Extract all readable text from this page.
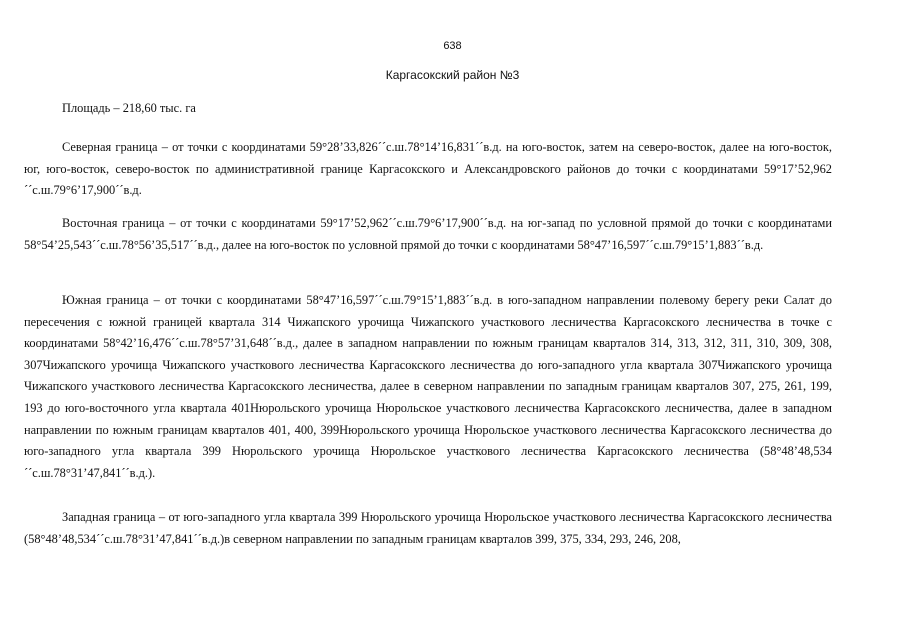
638
Каргасокский район №3

Площадь – 218,60 тыс. га

Северная граница – от точки с координатами 59°28’33,826´´с.ш.78°14’16,831´´в.д. на юго-восток, затем на северо-восток, далее на юго-восток, юг, юго-восток, северо-восток по административной границе Каргасокского и Александровского районов до точки с координатами 59°17’52,962´´с.ш.79°6’17,900´´в.д.

Восточная граница – от точки с координатами 59°17’52,962´´с.ш.79°6’17,900´´в.д. на юг-запад по условной прямой до точки с координатами 58°54’25,543´´с.ш.78°56’35,517´´в.д., далее на юго-восток по условной прямой до точки с координатами 58°47’16,597´´с.ш.79°15’1,883´´в.д.

Южная граница – от точки с координатами 58°47’16,597´´с.ш.79°15’1,883´´в.д. в юго-западном направлении полевому берегу реки Салат до пересечения с южной границей квартала 314 Чижапского урочища Чижапского участкового лесничества Каргасокского лесничества в точке с координатами 58°42’16,476´´с.ш.78°57’31,648´´в.д., далее в западном направлении по южным границам кварталов 314, 313, 312, 311, 310, 309, 308, 307Чижапского урочища Чижапского участкового лесничества Каргасокского лесничества до юго-западного угла квартала 307Чижапского урочища Чижапского участкового лесничества Каргасокского лесничества, далее в северном направлении по западным границам кварталов 307, 275, 261, 199, 193 до юго-восточного угла квартала 401Нюрольского урочища Нюрольское участкового лесничества Каргасокского лесничества, далее в западном направлении по южным границам кварталов 401, 400, 399Нюрольского урочища Нюрольское участкового лесничества Каргасокского лесничества до юго-западного угла квартала 399 Нюрольского урочища Нюрольское участкового лесничества Каргасокского лесничества (58°48’48,534´´с.ш.78°31’47,841´´в.д.).

Западная граница – от юго-западного угла квартала 399 Нюрольского урочища Нюрольское участкового лесничества Каргасокского лесничества (58°48’48,534´´с.ш.78°31’47,841´´в.д.)в северном направлении по западным границам кварталов 399, 375, 334, 293, 246, 208,
